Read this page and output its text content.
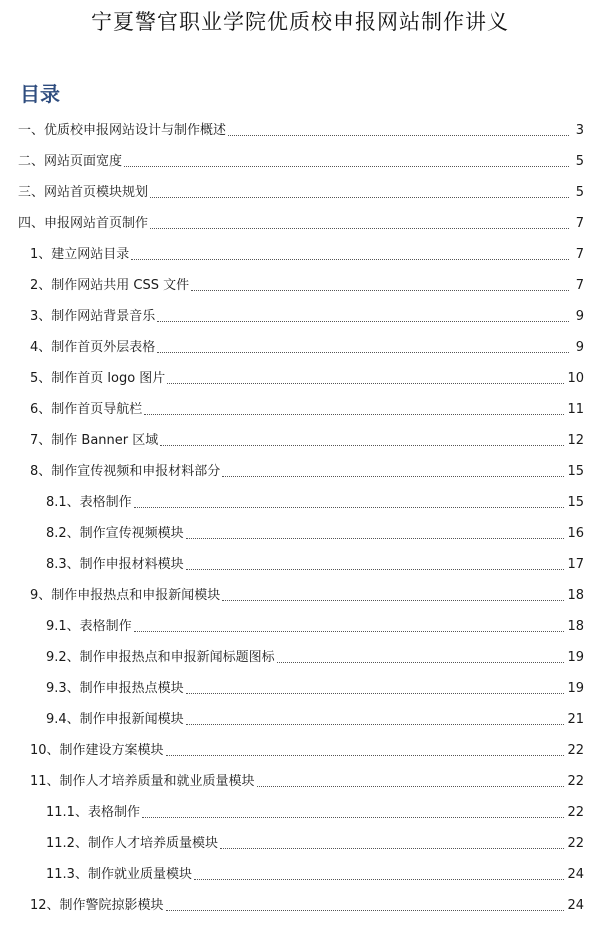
宁夏警官职业学院优质校申报网站制作讲义
目录
一、优质校申报网站设计与制作概述	3
二、网站页面宽度	5
三、网站首页模块规划	5
四、申报网站首页制作	7
1、建立网站目录	7
2、制作网站共用 CSS 文件	7
3、制作网站背景音乐	9
4、制作首页外层表格	9
5、制作首页 logo 图片	10
6、制作首页导航栏	11
7、制作 Banner 区域	12
8、制作宣传视频和申报材料部分	15
8.1、表格制作	15
8.2、制作宣传视频模块	16
8.3、制作申报材料模块	17
9、制作申报热点和申报新闻模块	18
9.1、表格制作	18
9.2、制作申报热点和申报新闻标题图标	19
9.3、制作申报热点模块	19
9.4、制作申报新闻模块	21
10、制作建设方案模块	22
11、制作人才培养质量和就业质量模块	22
11.1、表格制作	22
11.2、制作人才培养质量模块	22
11.3、制作就业质量模块	24
12、制作警院掠影模块	24
